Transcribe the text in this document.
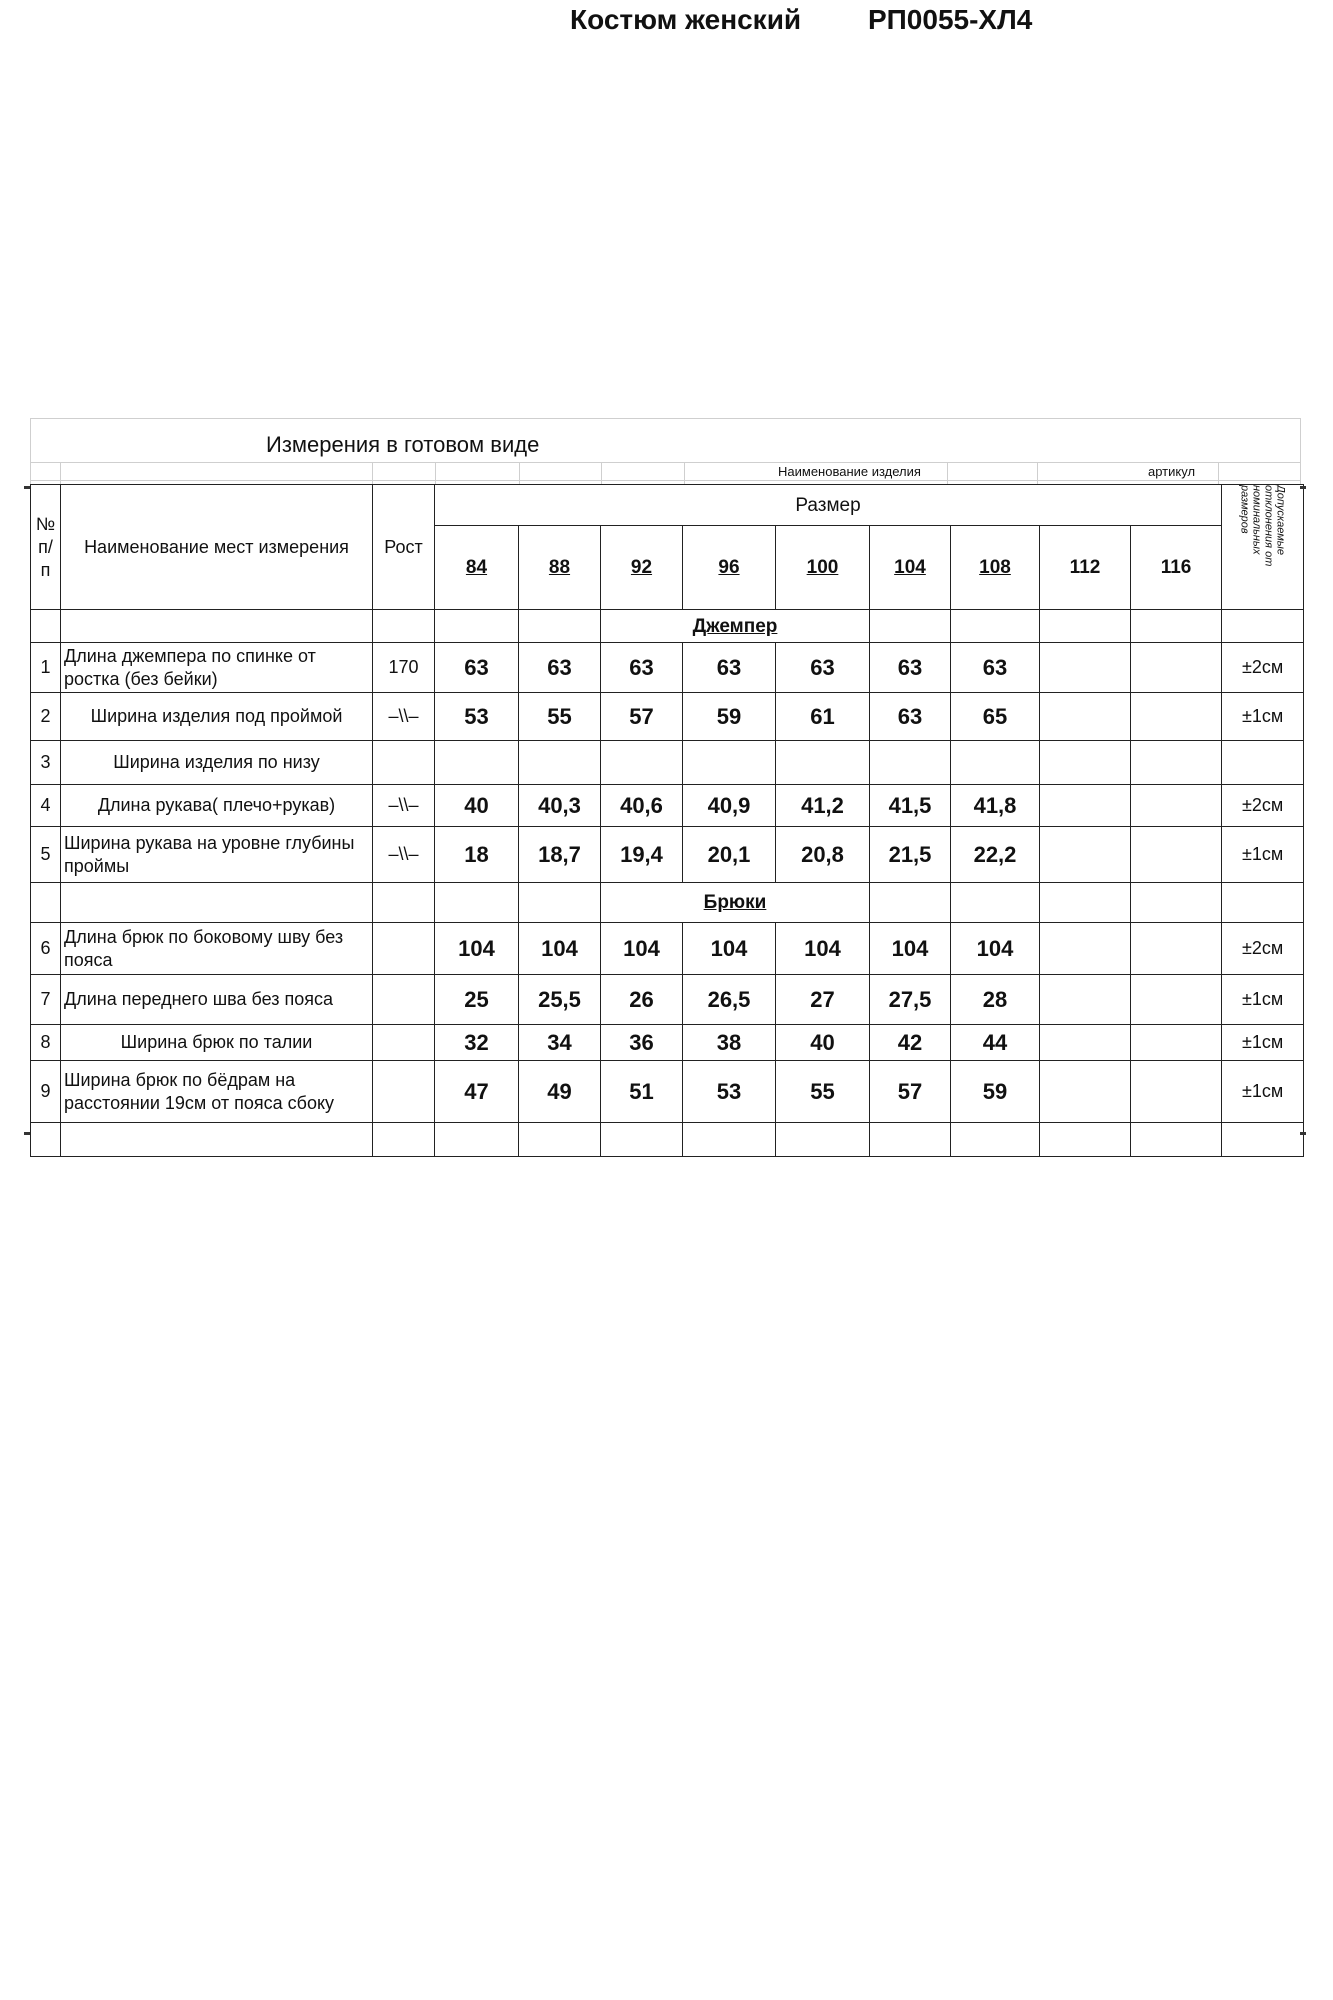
Измерения в готовом виде
Костюм женский РП0055-ХЛ4
Наименование изделия	артикул
№ п/ п	Наименование мест измерения	Рост	Размер									Допускаемые отклонения от номинальных размеров
			84	88	92	96	100	104	108	112	116	
					Джемпер							
1	Длина джемпера по спинке от ростка (без бейки)	170	63	63	63	63	63	63	63			±2см
2	Ширина изделия под проймой	–\\–	53	55	57	59	61	63	65			±1см
3	Ширина изделия по низу											
4	Длина рукава( плечо+рукав)	–\\–	40	40,3	40,6	40,9	41,2	41,5	41,8			±2см
5	Ширина рукава на уровне глубины проймы	–\\–	18	18,7	19,4	20,1	20,8	21,5	22,2			±1см
					Брюки							
6	Длина брюк по боковому шву без пояса		104	104	104	104	104	104	104			±2см
7	Длина переднего шва без пояса		25	25,5	26	26,5	27	27,5	28			±1см
8	Ширина брюк по талии		32	34	36	38	40	42	44			±1см
9	Ширина брюк по бёдрам на расстоянии 19см от пояса сбоку		47	49	51	53	55	57	59			±1см
